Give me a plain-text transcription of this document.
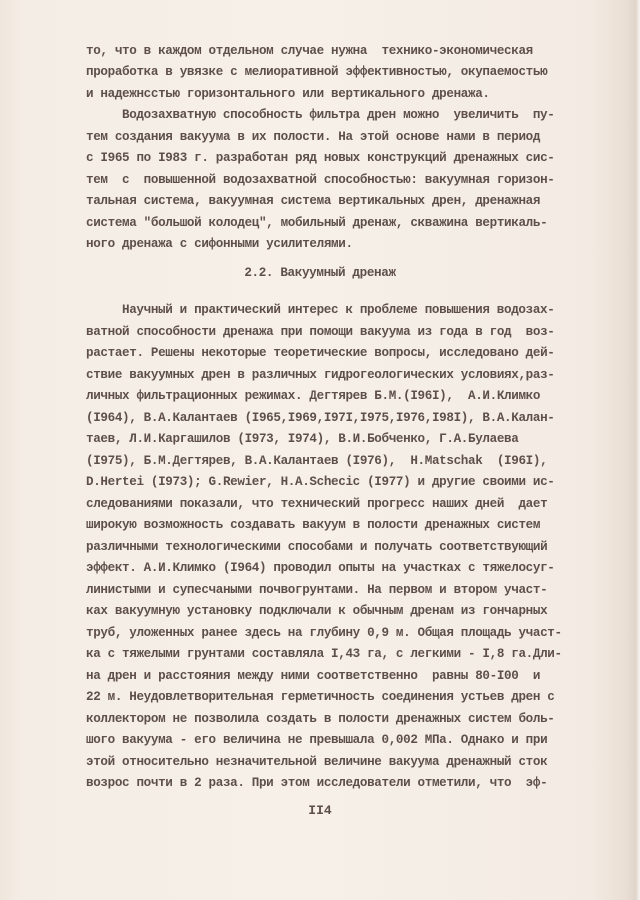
то, что в каждом отдельном случае нужна  технико-экономическая
проработка в увязке с мелиоративной эффективностью, окупаемостью
и надежнсстью горизонтального или вертикального дренажа.
Водозахватную способность фильтра дрен можно  увеличить  пу-
тем создания вакуума в их полости. На этой основе нами в период
с I965 по I983 г. разработан ряд новых конструкций дренажных сис-
тем  с  повышенной водозахватной способностью: вакуумная горизон-
тальная система, вакуумная система вертикальных дрен, дренажная
система "большой колодец", мобильный дренаж, скважина вертикаль-
ного дренажа с сифонными усилителями.
2.2. Вакуумный дренаж
Научный и практический интерес к проблеме повышения водозах-
ватной способности дренажа при помощи вакуума из года в год  воз-
растает. Решены некоторые теоретические вопросы, исследовано дей-
ствие вакуумных дрен в различных гидрогеологических условиях,раз-
личных фильтрационных режимах. Дегтярев Б.М.(I96I),  А.И.Климко
(I964), В.А.Калантаев (I965,I969,I97I,I975,I976,I98I), В.А.Калан-
таев, Л.И.Каргашилов (I973, I974), В.И.Бобченко, Г.А.Булаева
(I975), Б.М.Дегтярев, В.А.Калантаев (I976),  H.Matschak  (I96I),
D.Hertei (I973); G.Rewier, H.A.Schecic (I977) и другие своими ис-
следованиями показали, что технический прогресс наших дней  дает
широкую возможность создавать вакуум в полости дренажных систем
различными технологическими способами и получать соответствующий
эффект. А.И.Климко (I964) проводил опыты на участках с тяжелосуг-
линистыми и супесчаными почвогрунтами. На первом и втором участ-
ках вакуумную установку подключали к обычным дренам из гончарных
труб, уложенных ранее здесь на глубину 0,9 м. Общая площадь участ-
ка с тяжелыми грунтами составляла I,43 га, с легкими - I,8 га.Дли-
на дрен и расстояния между ними соответственно  равны 80-I00  и
22 м. Неудовлетворительная герметичность соединения устьев дрен с
коллектором не позволила создать в полости дренажных систем боль-
шого вакуума - его величина не превышала 0,002 МПа. Однако и при
этой относительно незначительной величине вакуума дренажный сток
возрос почти в 2 раза. При этом исследователи отметили, что  эф-
II4
